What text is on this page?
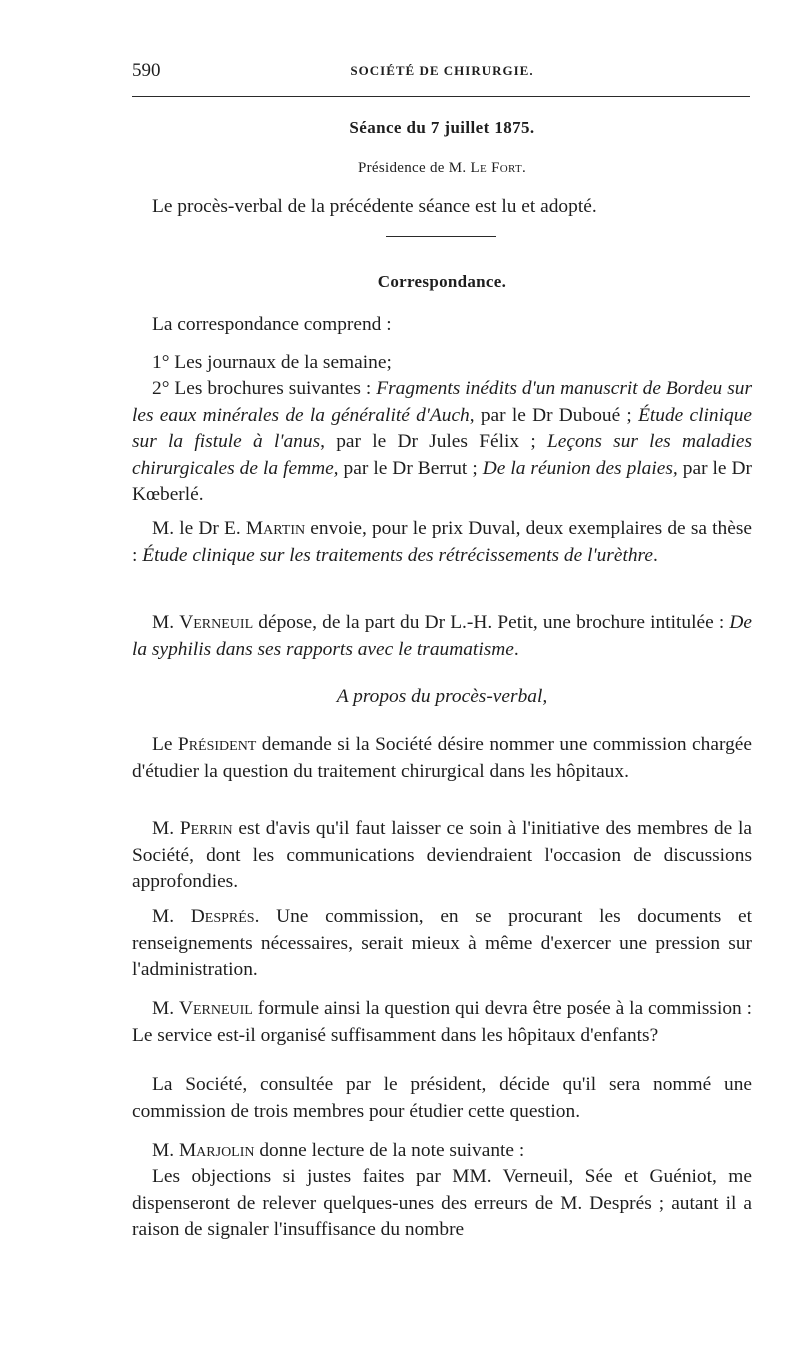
590	SOCIÉTÉ DE CHIRURGIE.
Séance du 7 juillet 1875.
Présidence de M. Le Fort.

Le procès-verbal de la précédente séance est lu et adopté.

Correspondance.

La correspondance comprend :

1° Les journaux de la semaine;

2° Les brochures suivantes : Fragments inédits d'un manuscrit de Bordeu sur les eaux minérales de la généralité d'Auch, par le Dr Duboué ; Étude clinique sur la fistule à l'anus, par le Dr Jules Félix ; Leçons sur les maladies chirurgicales de la femme, par le Dr Berrut ; De la réunion des plaies, par le Dr Kœberlé.

M. le Dr E. Martin envoie, pour le prix Duval, deux exemplaires de sa thèse : Étude clinique sur les traitements des rétrécissements de l'urèthre.

M. Verneuil dépose, de la part du Dr L.-H. Petit, une brochure intitulée : De la syphilis dans ses rapports avec le traumatisme.

A propos du procès-verbal,

Le Président demande si la Société désire nommer une commission chargée d'étudier la question du traitement chirurgical dans les hôpitaux.

M. Perrin est d'avis qu'il faut laisser ce soin à l'initiative des membres de la Société, dont les communications deviendraient l'occasion de discussions approfondies.

M. Després. Une commission, en se procurant les documents et renseignements nécessaires, serait mieux à même d'exercer une pression sur l'administration.

M. Verneuil formule ainsi la question qui devra être posée à la commission : Le service est-il organisé suffisamment dans les hôpitaux d'enfants?

La Société, consultée par le président, décide qu'il sera nommé une commission de trois membres pour étudier cette question.

M. Marjolin donne lecture de la note suivante :

Les objections si justes faites par MM. Verneuil, Sée et Guéniot, me dispenseront de relever quelques-unes des erreurs de M. Després ; autant il a raison de signaler l'insuffisance du nombre
